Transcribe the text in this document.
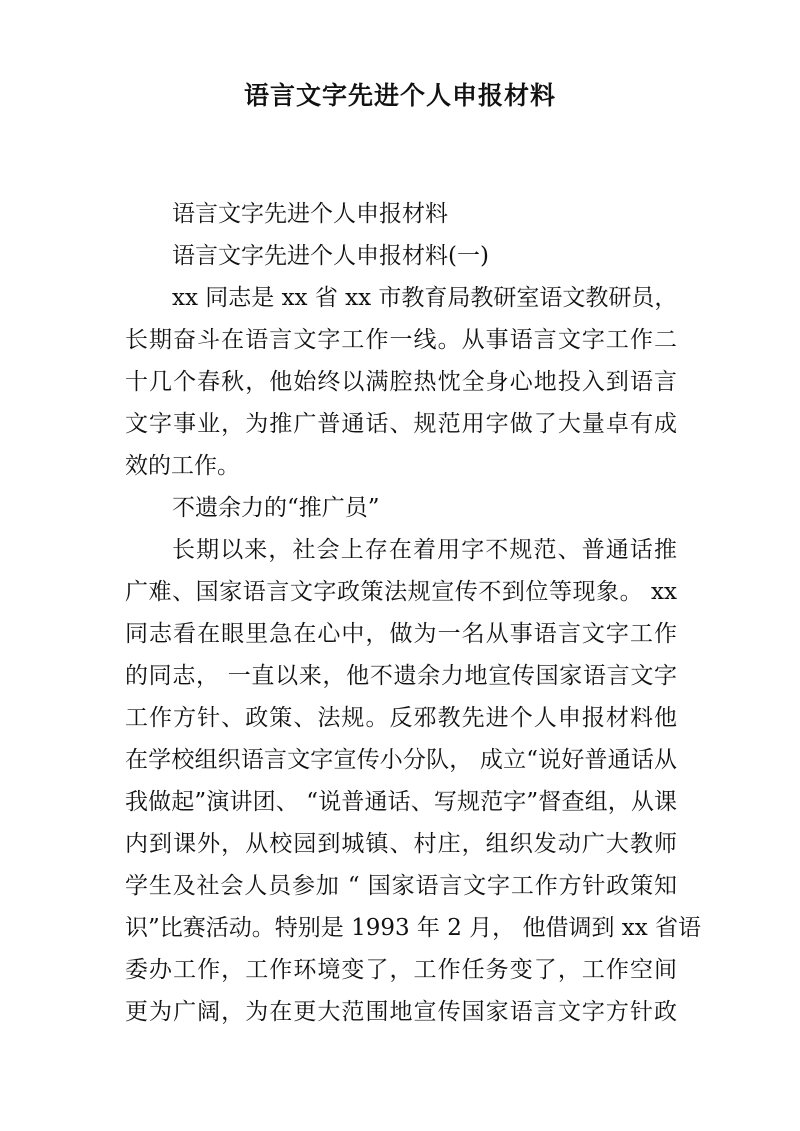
语言文字先进个人申报材料
语言文字先进个人申报材料
语言文字先进个人申报材料(一)
xx 同志是 xx 省 xx 市教育局教研室语文教研员，
长期奋斗在语言文字工作一线。从事语言文字工作二
十几个春秋，他始终以满腔热忱全身心地投入到语言
文字事业，为推广普通话、规范用字做了大量卓有成
效的工作。
不遗余力的“推广员”
长期以来，社会上存在着用字不规范、普通话推
广难、国家语言文字政策法规宣传不到位等现象。 xx
同志看在眼里急在心中，做为一名从事语言文字工作
的同志， 一直以来，他不遗余力地宣传国家语言文字
工作方针、政策、法规。反邪教先进个人申报材料他
在学校组织语言文字宣传小分队， 成立“说好普通话从
我做起”演讲团、 “说普通话、写规范字”督查组，从课
内到课外，从校园到城镇、村庄，组织发动广大教师
学生及社会人员参加 “ 国家语言文字工作方针政策知
识”比赛活动。特别是 1993 年 2 月， 他借调到 xx 省语
委办工作，工作环境变了，工作任务变了，工作空间
更为广阔，为在更大范围地宣传国家语言文字方针政
